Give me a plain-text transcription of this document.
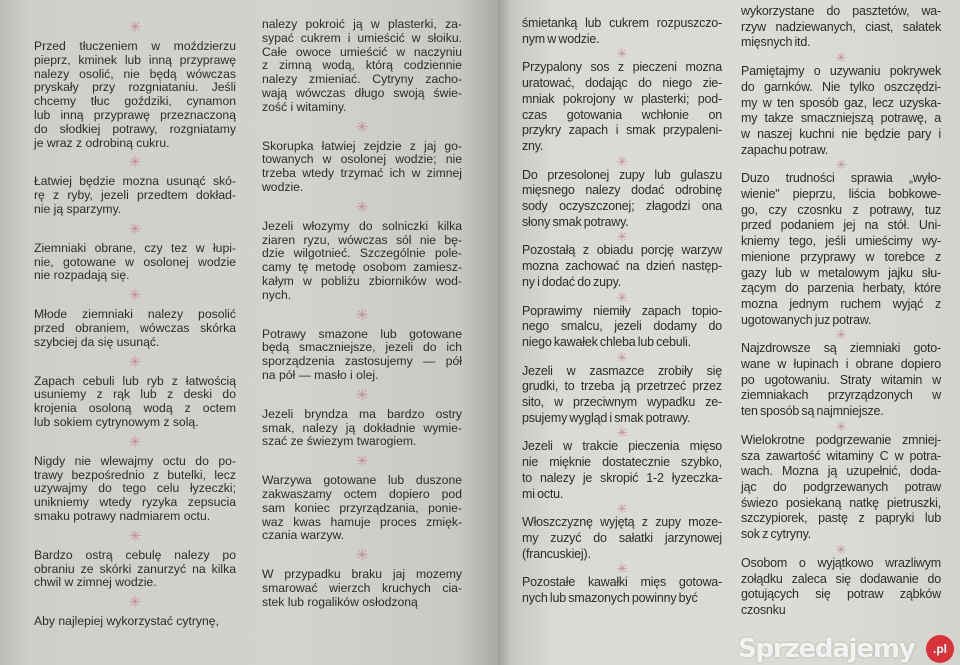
✳
Przed tłuczeniem w moździerzu
pieprz, kminek lub inną przyprawę
nalezy osolić, nie będą wówczas
pryskały przy rozgniataniu. Jeśli
chcemy tłuc goździki, cynamon
lub inną przyprawę przeznaczoną
do słodkiej potrawy, rozgniatamy
je wraz z odrobiną cukru.
✳
Łatwiej będzie mozna usunąć skó-
rę z ryby, jezeli przedtem dokład-
nie ją sparzymy.
✳
Ziemniaki obrane, czy tez w łupi-
nie, gotowane w osolonej wodzie
nie rozpadają się.
✳
Młode ziemniaki nalezy posolić
przed obraniem, wówczas skórka
szybciej da się usunąć.
✳
Zapach cebuli lub ryb z łatwością
usuniemy z rąk lub z deski do
krojenia osoloną wodą z octem
lub sokiem cytrynowym z solą.
✳
Nigdy nie wlewajmy octu do po-
trawy bezpośrednio z butelki, lecz
uzywajmy do tego celu łyzeczki;
unikniemy wtedy ryzyka zepsucia
smaku potrawy nadmiarem octu.
✳
Bardzo ostrą cebulę nalezy po
obraniu ze skórki zanurzyć na kilka
chwil w zimnej wodzie.
✳
Aby najlepiej wykorzystać cytrynę,
nalezy pokroić ją w plasterki, za-
sypać cukrem i umieścić w słoiku.
Całe owoce umieścić w naczyniu
z zimną wodą, którą codziennie
nalezy zmieniać. Cytryny zacho-
wają wówczas długo swoją świe-
zość i witaminy.
✳
Skorupka łatwiej zejdzie z jaj go-
towanych w osolonej wodzie; nie
trzeba wtedy trzymać ich w zimnej
wodzie.
✳
Jezeli włozymy do solniczki kilka
ziaren ryzu, wówczas sól nie bę-
dzie wilgotnieć. Szczególnie pole-
camy tę metodę osobom zamiesz-
kałym w pobliżu zbiorników wod-
nych.
✳
Potrawy smazone lub gotowane
będą smaczniejsze, jezeli do ich
sporządzenia zastosujemy — pół
na pół — masło i olej.
✳
Jezeli bryndza ma bardzo ostry
smak, nalezy ją dokładnie wymie-
szać ze świezym twarogiem.
✳
Warzywa gotowane lub duszone
zakwaszamy octem dopiero pod
sam koniec przyrządzania, ponie-
waz kwas hamuje proces zmięk-
czania warzyw.
✳
W przypadku braku jaj mozemy
smarować wierzch kruchych cia-
stek lub rogalików osłodzoną
śmietanką lub cukrem rozpuszczo-
nym w wodzie.
✳
Przypalony sos z pieczeni mozna
uratować, dodając do niego zie-
mniak pokrojony w plasterki; pod-
czas gotowania wchłonie on
przykry zapach i smak przypaleni-
zny.
✳
Do przesolonej zupy lub gulaszu
mięsnego nalezy dodać odrobinę
sody oczyszczonej; złagodzi ona
słony smak potrawy.
✳
Pozostałą z obiadu porcję warzyw
mozna zachować na dzień następ-
ny i dodać do zupy.
✳
Poprawimy niemiły zapach topio-
nego smalcu, jezeli dodamy do
niego kawałek chleba lub cebuli.
✳
Jezeli w zasmazce zrobiły się
grudki, to trzeba ją przetrzeć przez
sito, w przeciwnym wypadku ze-
psujemy wygląd i smak potrawy.
✳
Jezeli w trakcie pieczenia mięso
nie mięknie dostatecznie szybko,
to nalezy je skropić 1-2 łyzeczka-
mi octu.
✳
Włoszczyznę wyjętą z zupy moze-
my zuzyć do sałatki jarzynowej
(francuskiej).
✳
Pozostałe kawałki mięs gotowa-
nych lub smazonych powinny być
wykorzystane do pasztetów, wa-
rzyw nadziewanych, ciast, sałatek
mięsnych itd.
✳
Pamiętajmy o uzywaniu pokrywek
do garnków. Nie tylko oszczędzi-
my w ten sposób gaz, lecz uzyska-
my takze smaczniejszą potrawę, a
w naszej kuchni nie będzie pary i
zapachu potraw.
✳
Duzo trudności sprawia „wyło-
wienie" pieprzu, liścia bobkowe-
go, czy czosnku z potrawy, tuz
przed podaniem jej na stół. Uni-
kniemy tego, jeśli umieścimy wy-
mienione przyprawy w torebce z
gazy lub w metalowym jajku słu-
zącym do parzenia herbaty, które
mozna jednym ruchem wyjąć z
ugotowanych juz potraw.
✳
Najzdrowsze są ziemniaki goto-
wane w łupinach i obrane dopiero
po ugotowaniu. Straty witamin w
ziemniakach przyrządzonych w
ten sposób są najmniejsze.
✳
Wielokrotne podgrzewanie zmniej-
sza zawartość witaminy C w potra-
wach. Mozna ją uzupełnić, doda-
jąc do podgrzewanych potraw
świezo posiekaną natkę pietruszki,
szczypiorek, pastę z papryki lub
sok z cytryny.
✳
Osobom o wyjątkowo wrazliwym
zołądku zaleca się dodawanie do
gotujących się potraw ząbków
czosnku
Sprzedajemy	.pl
